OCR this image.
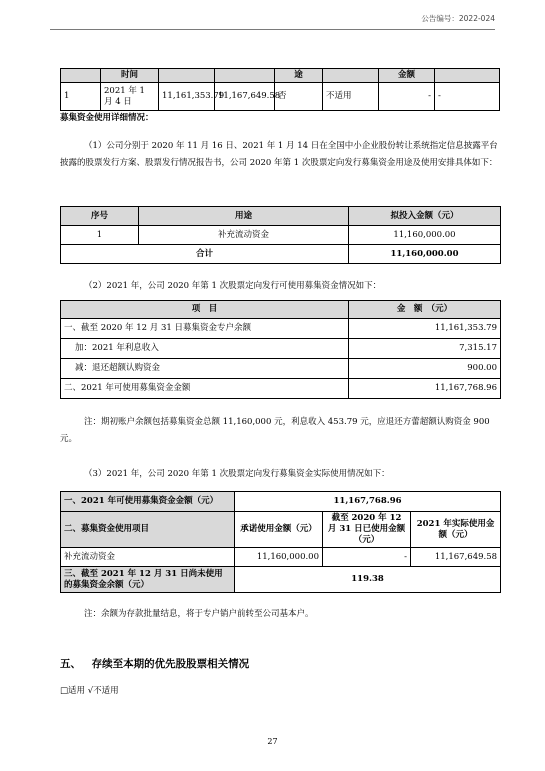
公告编号：2022-024
	时间			途		金额	
1	2021 年 1 月 4 日	11,161,353.79	11,167,649.58	否	不适用	-	-
募集资金使用详细情况：
（1）公司分别于 2020 年 11 月 16 日、2021 年 1 月 14 日在全国中小企业股份转让系统指定信息披露平台披露的股票发行方案、股票发行情况报告书，公司 2020 年第 1 次股票定向发行募集资金用途及使用安排具体如下：
序号	用途	拟投入金额（元）
1	补充流动资金	11,160,000.00
合计		11,160,000.00
（2）2021 年，公司 2020 年第 1 次股票定向发行可使用募集资金情况如下：
项　目	金　额　（元）
一、截至 2020 年 12 月 31 日募集资金专户余额	11,161,353.79
加：2021 年利息收入	7,315.17
减：退还超额认购资金	900.00
二、2021 年可使用募集资金金额	11,167,768.96
注：期初账户余额包括募集资金总额 11,160,000 元，利息收入 453.79 元，应退还方蕾超额认购资金 900 元。
（3）2021 年，公司 2020 年第 1 次股票定向发行募集资金实际使用情况如下：
一、2021 年可使用募集资金金额（元）	11,167,768.96		
二、募集资金使用项目	承诺使用金额（元）	截至 2020 年 12 月 31 日已使用金额（元）	2021 年实际使用金额（元）
补充流动资金	11,160,000.00	-	11,167,649.58
三、截至 2021 年 12 月 31 日尚未使用的募集资金余额（元）	119.38		
注：余额为存款批量结息，将于专户销户前转至公司基本户。
五、 存续至本期的优先股股票相关情况
□适用 √不适用
27
